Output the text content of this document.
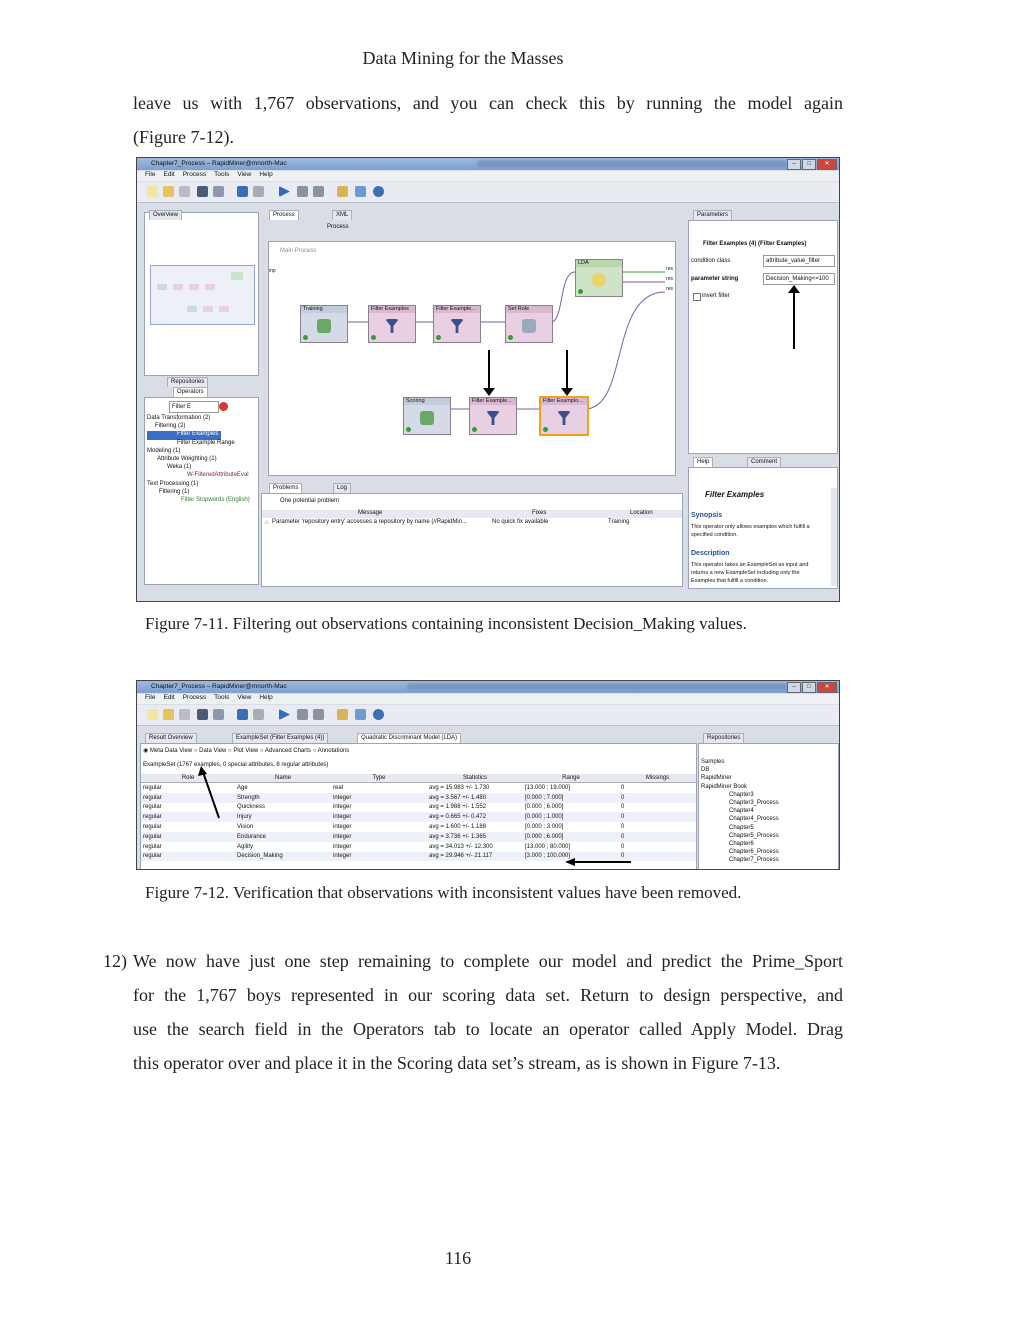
Data Mining for the Masses
leave us with 1,767 observations, and you can check this by running the model again
(Figure 7-12).
Chapter7_Process – RapidMiner@mnorth-Mac	– □ ✕
File Edit Process Tools View Help
Overview
Repositories
Operators
Filter E
Data Transformation (2)
Filtering (2)
Filter Examples
Filter Example Range
Modeling (1)
Attribute Weighting (1)
Weka (1)
W-FilteredAttributeEval
Text Processing (1)
Filtering (1)
Filter Stopwords (English)
Process	XML
Process
Main Process
inp	res
res
res
Training	Filter Examples	Filter Example...	Set Role
LDA
Scoring	Filter Example...	Filter Examplo...
Problems	Log
One potential problem
Message	Fixes	Location
⚠ Parameter 'repository entry' accesses a repository by name (//RapidMin...	No quick fix available	Training
Parameters
Filter Examples (4) (Filter Examples)
condition class	attribute_value_filter
parameter string	Decision_Making<=100
invert filter
Help	Comment
Filter Examples
Synopsis
This operator only allows examples which fulfill a specified condition.
Description
This operator takes an ExampleSet as input and returns a new ExampleSet including only the Examples that fulfill a condition.
Figure 7-11. Filtering out observations containing inconsistent Decision_Making values.
Chapter7_Process – RapidMiner@mnorth-Mac	– □ ✕
File Edit Process Tools View Help
Result Overview	ExampleSet (Filter Examples (4))	Quadratic Discriminant Model (LDA)
◉ Meta Data View ○ Data View ○ Plot View ○ Advanced Charts ○ Annotations
ExampleSet (1767 examples, 0 special attributes, 8 regular attributes)
Role	Name	Type	Statistics	Range	Missings
regular	Age	real	avg = 15.983 +/- 1.730	[13.000 ; 19.000]	0
regular	Strength	integer	avg = 3.567 +/- 1.480	[0.000 ; 7.000]	0
regular	Quickness	integer	avg = 1.988 +/- 1.552	[0.000 ; 6.000]	0
regular	Injury	integer	avg = 0.665 +/- 0.472	[0.000 ; 1.000]	0
regular	Vision	integer	avg = 1.600 +/- 1.188	[0.000 ; 3.000]	0
regular	Endurance	integer	avg = 3.736 +/- 1.365	[0.000 ; 6.000]	0
regular	Agility	integer	avg = 34.013 +/- 12.300	[13.000 ; 80.000]	0
regular	Decision_Making	integer	avg = 29.946 +/- 21.117	[3.000 ; 100.000]	0
Repositories
Samples
DB
RapidMiner
RapidMiner Book
Chapter3
Chapter3_Process
Chapter4
Chapter4_Process
Chapter5
Chapter5_Process
Chapter6
Chapter6_Process
Chapter7_Process
Figure 7-12. Verification that observations with inconsistent values have been removed.
12) We now have just one step remaining to complete our model and predict the Prime_Sport
for the 1,767 boys represented in our scoring data set. Return to design perspective, and
use the search field in the Operators tab to locate an operator called Apply Model. Drag
this operator over and place it in the Scoring data set’s stream, as is shown in Figure 7-13.
116
